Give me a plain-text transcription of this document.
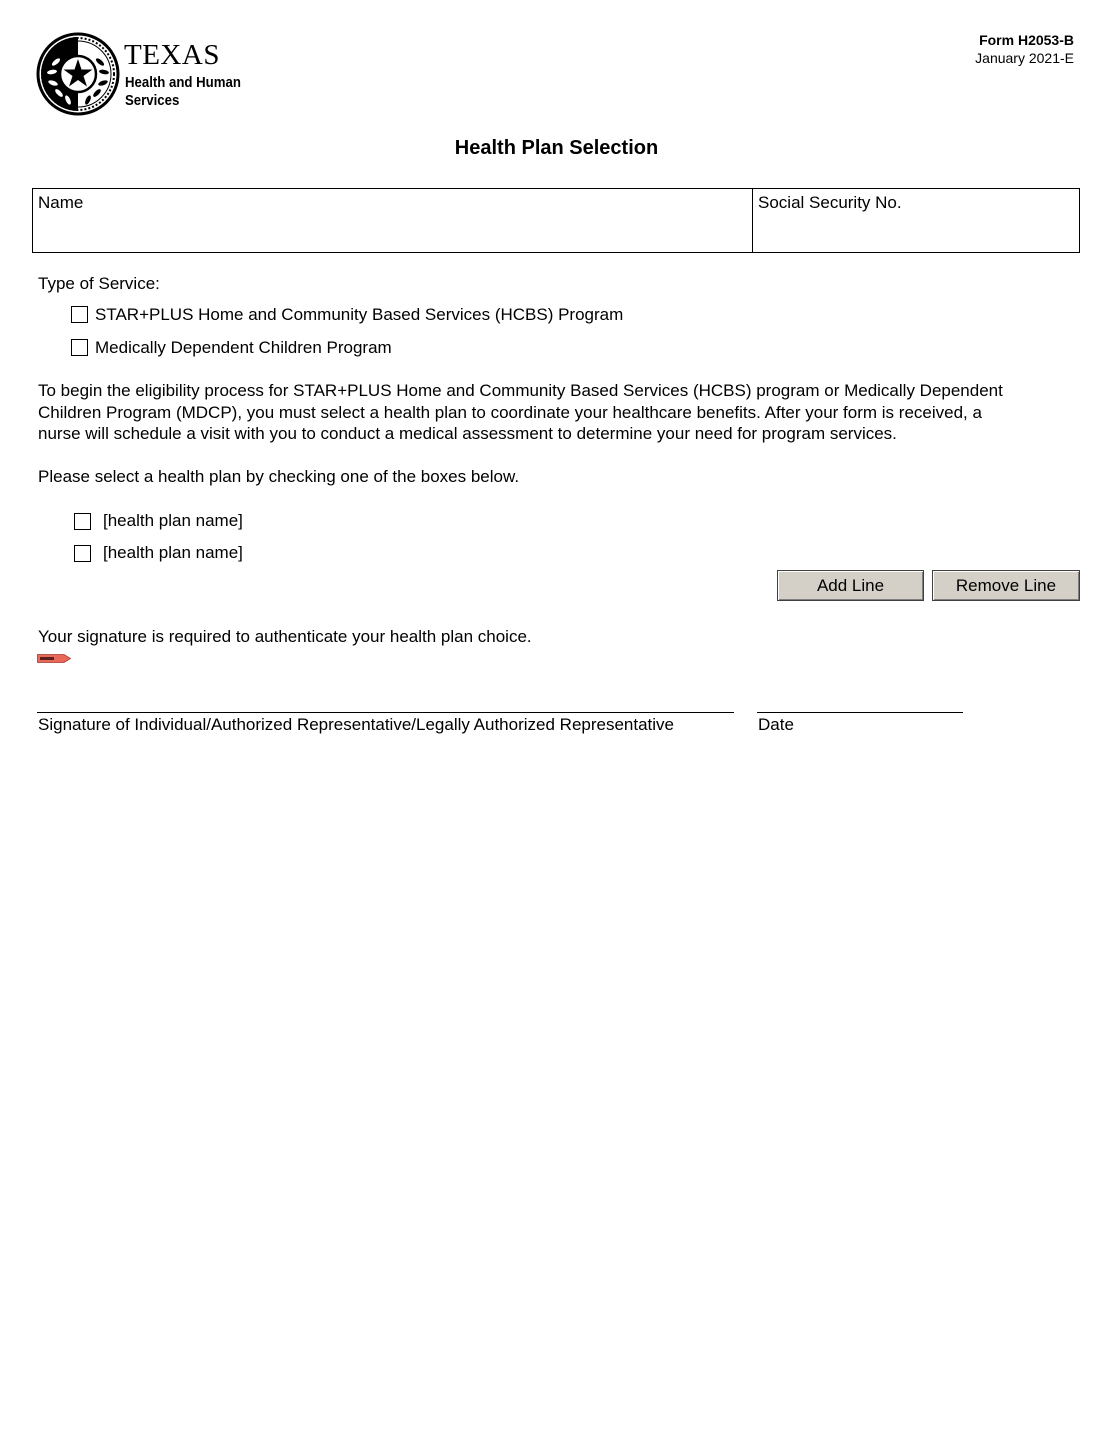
TEXAS
Health and Human
Services
Form H2053-B
January 2021-E
Health Plan Selection
Name	Social Security No.
Type of Service:
STAR+PLUS Home and Community Based Services (HCBS) Program
Medically Dependent Children Program
To begin the eligibility process for STAR+PLUS Home and Community Based Services (HCBS) program or Medically Dependent
Children Program (MDCP), you must select a health plan to coordinate your healthcare benefits. After your form is received, a
nurse will schedule a visit with you to conduct a medical assessment to determine your need for program services.
Please select a health plan by checking one of the boxes below.
[health plan name]
[health plan name]
Add Line	Remove Line
Your signature is required to authenticate your health plan choice.
Signature of Individual/Authorized Representative/Legally Authorized Representative	Date
